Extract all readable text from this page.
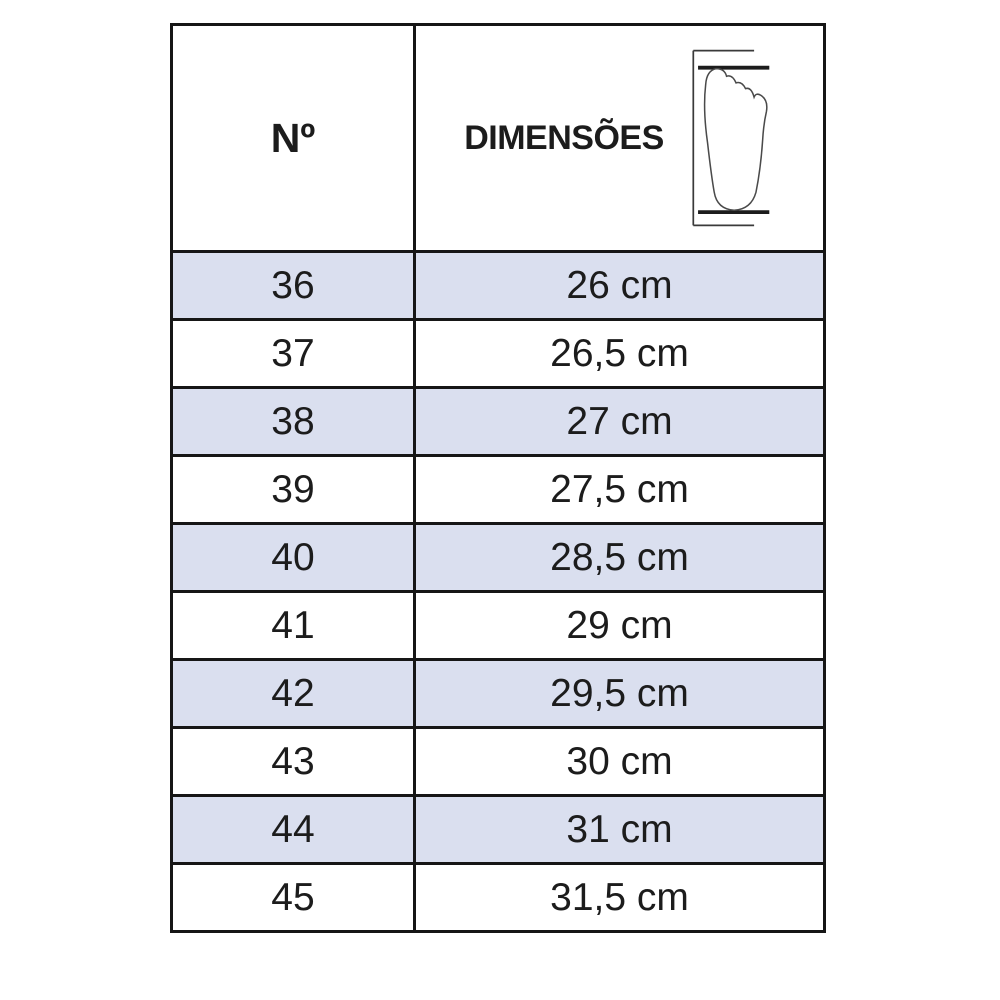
Nº	DIMENSÕES

36	26 cm
37	26,5 cm
38	27 cm
39	27,5 cm
40	28,5 cm
41	29 cm
42	29,5 cm
43	30 cm
44	31 cm
45	31,5 cm
